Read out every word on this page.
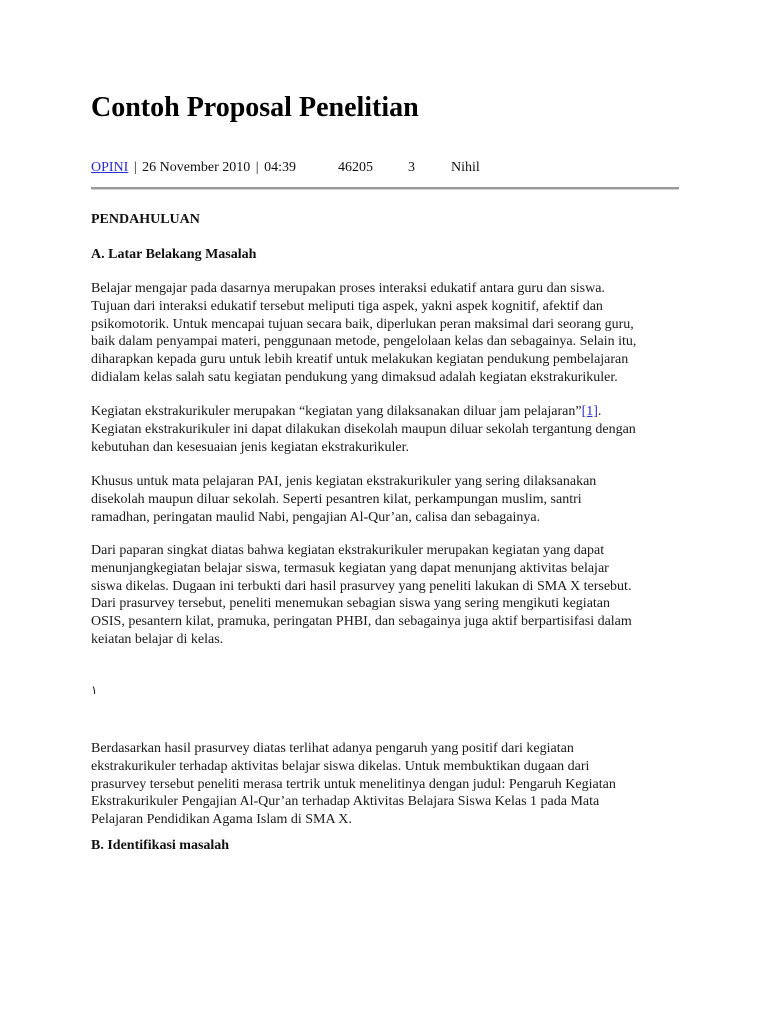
Contoh Proposal Penelitian
OPINI | 26 November 2010 | 04:39	46205	3	Nihil
PENDAHULUAN
A. Latar Belakang Masalah

Belajar mengajar pada dasarnya merupakan proses interaksi edukatif antara guru dan siswa.
Tujuan dari interaksi edukatif tersebut meliputi tiga aspek, yakni aspek kognitif, afektif dan
psikomotorik. Untuk mencapai tujuan secara baik, diperlukan peran maksimal dari seorang guru,
baik dalam penyampai materi, penggunaan metode, pengelolaan kelas dan sebagainya. Selain itu,
diharapkan kepada guru untuk lebih kreatif untuk melakukan kegiatan pendukung pembelajaran
didialam kelas salah satu kegiatan pendukung yang dimaksud adalah kegiatan ekstrakurikuler.

Kegiatan ekstrakurikuler merupakan “kegiatan yang dilaksanakan diluar jam pelajaran”[1].
Kegiatan ekstrakurikuler ini dapat dilakukan disekolah maupun diluar sekolah tergantung dengan
kebutuhan dan kesesuaian jenis kegiatan ekstrakurikuler.

Khusus untuk mata pelajaran PAI, jenis kegiatan ekstrakurikuler yang sering dilaksanakan
disekolah maupun diluar sekolah. Seperti pesantren kilat, perkampungan muslim, santri
ramadhan, peringatan maulid Nabi, pengajian Al-Qur’an, calisa dan sebagainya.

Dari paparan singkat diatas bahwa kegiatan ekstrakurikuler merupakan kegiatan yang dapat
menunjangkegiatan belajar siswa, termasuk kegiatan yang dapat menunjang aktivitas belajar
siswa dikelas. Dugaan ini terbukti dari hasil prasurvey yang peneliti lakukan di SMA X tersebut.
Dari prasurvey tersebut, peneliti menemukan sebagian siswa yang sering mengikuti kegiatan
OSIS, pesantern kilat, pramuka, peringatan PHBI, dan sebagainya juga aktif berpartisifasi dalam
keiatan belajar di kelas.

١

Berdasarkan hasil prasurvey diatas terlihat adanya pengaruh yang positif dari kegiatan
ekstrakurikuler terhadap aktivitas belajar siswa dikelas. Untuk membuktikan dugaan dari
prasurvey tersebut peneliti merasa tertrik untuk menelitinya dengan judul: Pengaruh Kegiatan
Ekstrakurikuler Pengajian Al-Qur’an terhadap Aktivitas Belajara Siswa Kelas 1 pada Mata
Pelajaran Pendidikan Agama Islam di SMA X.

B. Identifikasi masalah
